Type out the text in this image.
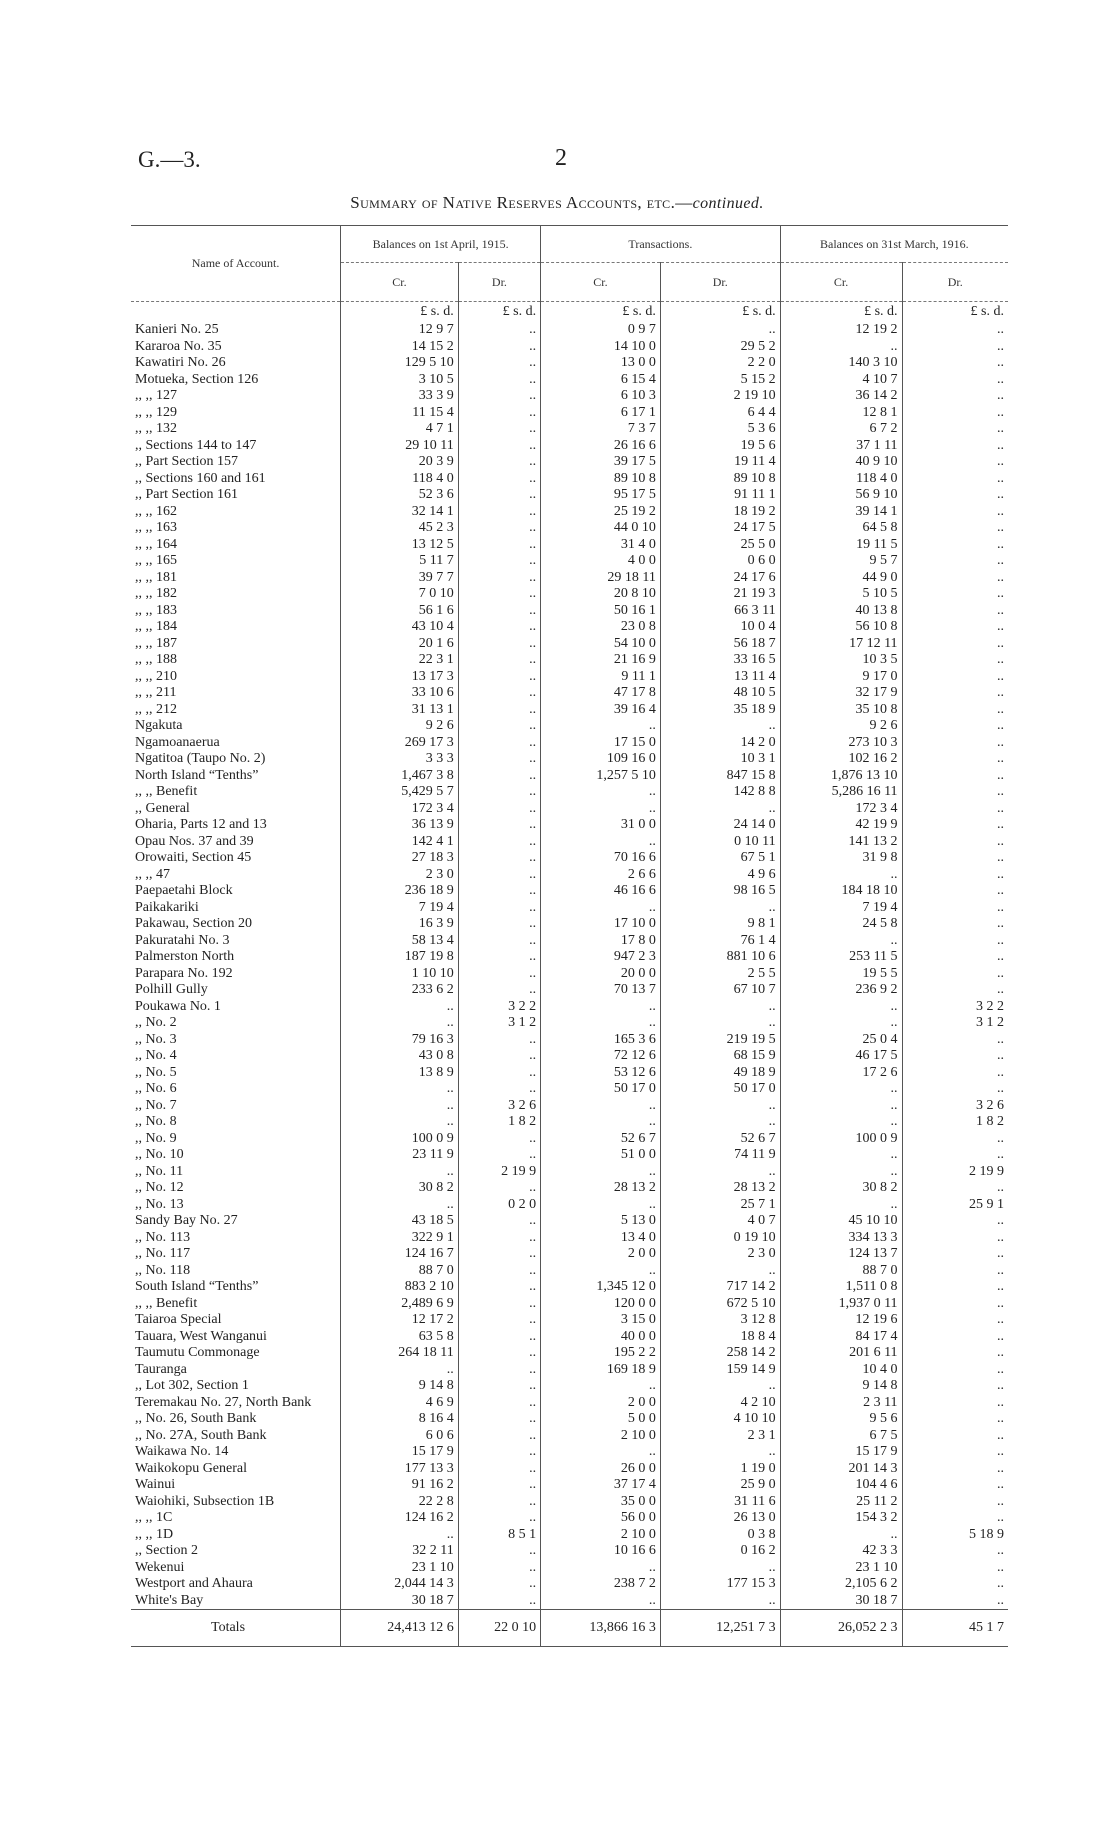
G.—3.	2
Summary of Native Reserves Accounts, etc.—continued.
Name of Account.	Balances on 1st April, 1915.		Transactions.		Balances on 31st March, 1916.	
	Cr.	Dr.	Cr.	Dr.	Cr.	Dr.
	£ s. d.	£ s. d.	£ s. d.	£ s. d.	£ s. d.	£ s. d.
Kanieri No. 25	12 9 7	..	0 9 7	..	12 19 2	..
Kararoa No. 35	14 15 2	..	14 10 0	29 5 2	..	..
Kawatiri No. 26	129 5 10	..	13 0 0	2 2 0	140 3 10	..
Motueka, Section 126	3 10 5	..	6 15 4	5 15 2	4 10 7	..
,, ,, 127	33 3 9	..	6 10 3	2 19 10	36 14 2	..
,, ,, 129	11 15 4	..	6 17 1	6 4 4	12 8 1	..
,, ,, 132	4 7 1	..	7 3 7	5 3 6	6 7 2	..
,, Sections 144 to 147	29 10 11	..	26 16 6	19 5 6	37 1 11	..
,, Part Section 157	20 3 9	..	39 17 5	19 11 4	40 9 10	..
,, Sections 160 and 161	118 4 0	..	89 10 8	89 10 8	118 4 0	..
,, Part Section 161	52 3 6	..	95 17 5	91 11 1	56 9 10	..
,, ,, 162	32 14 1	..	25 19 2	18 19 2	39 14 1	..
,, ,, 163	45 2 3	..	44 0 10	24 17 5	64 5 8	..
,, ,, 164	13 12 5	..	31 4 0	25 5 0	19 11 5	..
,, ,, 165	5 11 7	..	4 0 0	0 6 0	9 5 7	..
,, ,, 181	39 7 7	..	29 18 11	24 17 6	44 9 0	..
,, ,, 182	7 0 10	..	20 8 10	21 19 3	5 10 5	..
,, ,, 183	56 1 6	..	50 16 1	66 3 11	40 13 8	..
,, ,, 184	43 10 4	..	23 0 8	10 0 4	56 10 8	..
,, ,, 187	20 1 6	..	54 10 0	56 18 7	17 12 11	..
,, ,, 188	22 3 1	..	21 16 9	33 16 5	10 3 5	..
,, ,, 210	13 17 3	..	9 11 1	13 11 4	9 17 0	..
,, ,, 211	33 10 6	..	47 17 8	48 10 5	32 17 9	..
,, ,, 212	31 13 1	..	39 16 4	35 18 9	35 10 8	..
Ngakuta	9 2 6	..	..	..	9 2 6	..
Ngamoanaerua	269 17 3	..	17 15 0	14 2 0	273 10 3	..
Ngatitoa (Taupo No. 2)	3 3 3	..	109 16 0	10 3 1	102 16 2	..
North Island “Tenths”	1,467 3 8	..	1,257 5 10	847 15 8	1,876 13 10	..
,, ,, Benefit	5,429 5 7	..	..	142 8 8	5,286 16 11	..
,, General	172 3 4	..	..	..	172 3 4	..
Oharia, Parts 12 and 13	36 13 9	..	31 0 0	24 14 0	42 19 9	..
Opau Nos. 37 and 39	142 4 1	..	..	0 10 11	141 13 2	..
Orowaiti, Section 45	27 18 3	..	70 16 6	67 5 1	31 9 8	..
,, ,, 47	2 3 0	..	2 6 6	4 9 6	..	..
Paepaetahi Block	236 18 9	..	46 16 6	98 16 5	184 18 10	..
Paikakariki	7 19 4	..	..	..	7 19 4	..
Pakawau, Section 20	16 3 9	..	17 10 0	9 8 1	24 5 8	..
Pakuratahi No. 3	58 13 4	..	17 8 0	76 1 4	..	..
Palmerston North	187 19 8	..	947 2 3	881 10 6	253 11 5	..
Parapara No. 192	1 10 10	..	20 0 0	2 5 5	19 5 5	..
Polhill Gully	233 6 2	..	70 13 7	67 10 7	236 9 2	..
Poukawa No. 1	..	3 2 2	..	..	..	3 2 2
,, No. 2	..	3 1 2	..	..	..	3 1 2
,, No. 3	79 16 3	..	165 3 6	219 19 5	25 0 4	..
,, No. 4	43 0 8	..	72 12 6	68 15 9	46 17 5	..
,, No. 5	13 8 9	..	53 12 6	49 18 9	17 2 6	..
,, No. 6	..	..	50 17 0	50 17 0	..	..
,, No. 7	..	3 2 6	..	..	..	3 2 6
,, No. 8	..	1 8 2	..	..	..	1 8 2
,, No. 9	100 0 9	..	52 6 7	52 6 7	100 0 9	..
,, No. 10	23 11 9	..	51 0 0	74 11 9	..	..
,, No. 11	..	2 19 9	..	..	..	2 19 9
,, No. 12	30 8 2	..	28 13 2	28 13 2	30 8 2	..
,, No. 13	..	0 2 0	..	25 7 1	..	25 9 1
Sandy Bay No. 27	43 18 5	..	5 13 0	4 0 7	45 10 10	..
,, No. 113	322 9 1	..	13 4 0	0 19 10	334 13 3	..
,, No. 117	124 16 7	..	2 0 0	2 3 0	124 13 7	..
,, No. 118	88 7 0	..	..	..	88 7 0	..
South Island “Tenths”	883 2 10	..	1,345 12 0	717 14 2	1,511 0 8	..
,, ,, Benefit	2,489 6 9	..	120 0 0	672 5 10	1,937 0 11	..
Taiaroa Special	12 17 2	..	3 15 0	3 12 8	12 19 6	..
Tauara, West Wanganui	63 5 8	..	40 0 0	18 8 4	84 17 4	..
Taumutu Commonage	264 18 11	..	195 2 2	258 14 2	201 6 11	..
Tauranga	..	..	169 18 9	159 14 9	10 4 0	..
,, Lot 302, Section 1	9 14 8	..	..	..	9 14 8	..
Teremakau No. 27, North Bank	4 6 9	..	2 0 0	4 2 10	2 3 11	..
,, No. 26, South Bank	8 16 4	..	5 0 0	4 10 10	9 5 6	..
,, No. 27A, South Bank	6 0 6	..	2 10 0	2 3 1	6 7 5	..
Waikawa No. 14	15 17 9	..	..	..	15 17 9	..
Waikokopu General	177 13 3	..	26 0 0	1 19 0	201 14 3	..
Wainui	91 16 2	..	37 17 4	25 9 0	104 4 6	..
Waiohiki, Subsection 1B	22 2 8	..	35 0 0	31 11 6	25 11 2	..
,, ,, 1C	124 16 2	..	56 0 0	26 13 0	154 3 2	..
,, ,, 1D	..	8 5 1	2 10 0	0 3 8	..	5 18 9
,, Section 2	32 2 11	..	10 16 6	0 16 2	42 3 3	..
Wekenui	23 1 10	..	..	..	23 1 10	..
Westport and Ahaura	2,044 14 3	..	238 7 2	177 15 3	2,105 6 2	..
White's Bay	30 18 7	..	..	..	30 18 7	..
Totals	24,413 12 6	22 0 10	13,866 16 3	12,251 7 3	26,052 2 3	45 1 7
